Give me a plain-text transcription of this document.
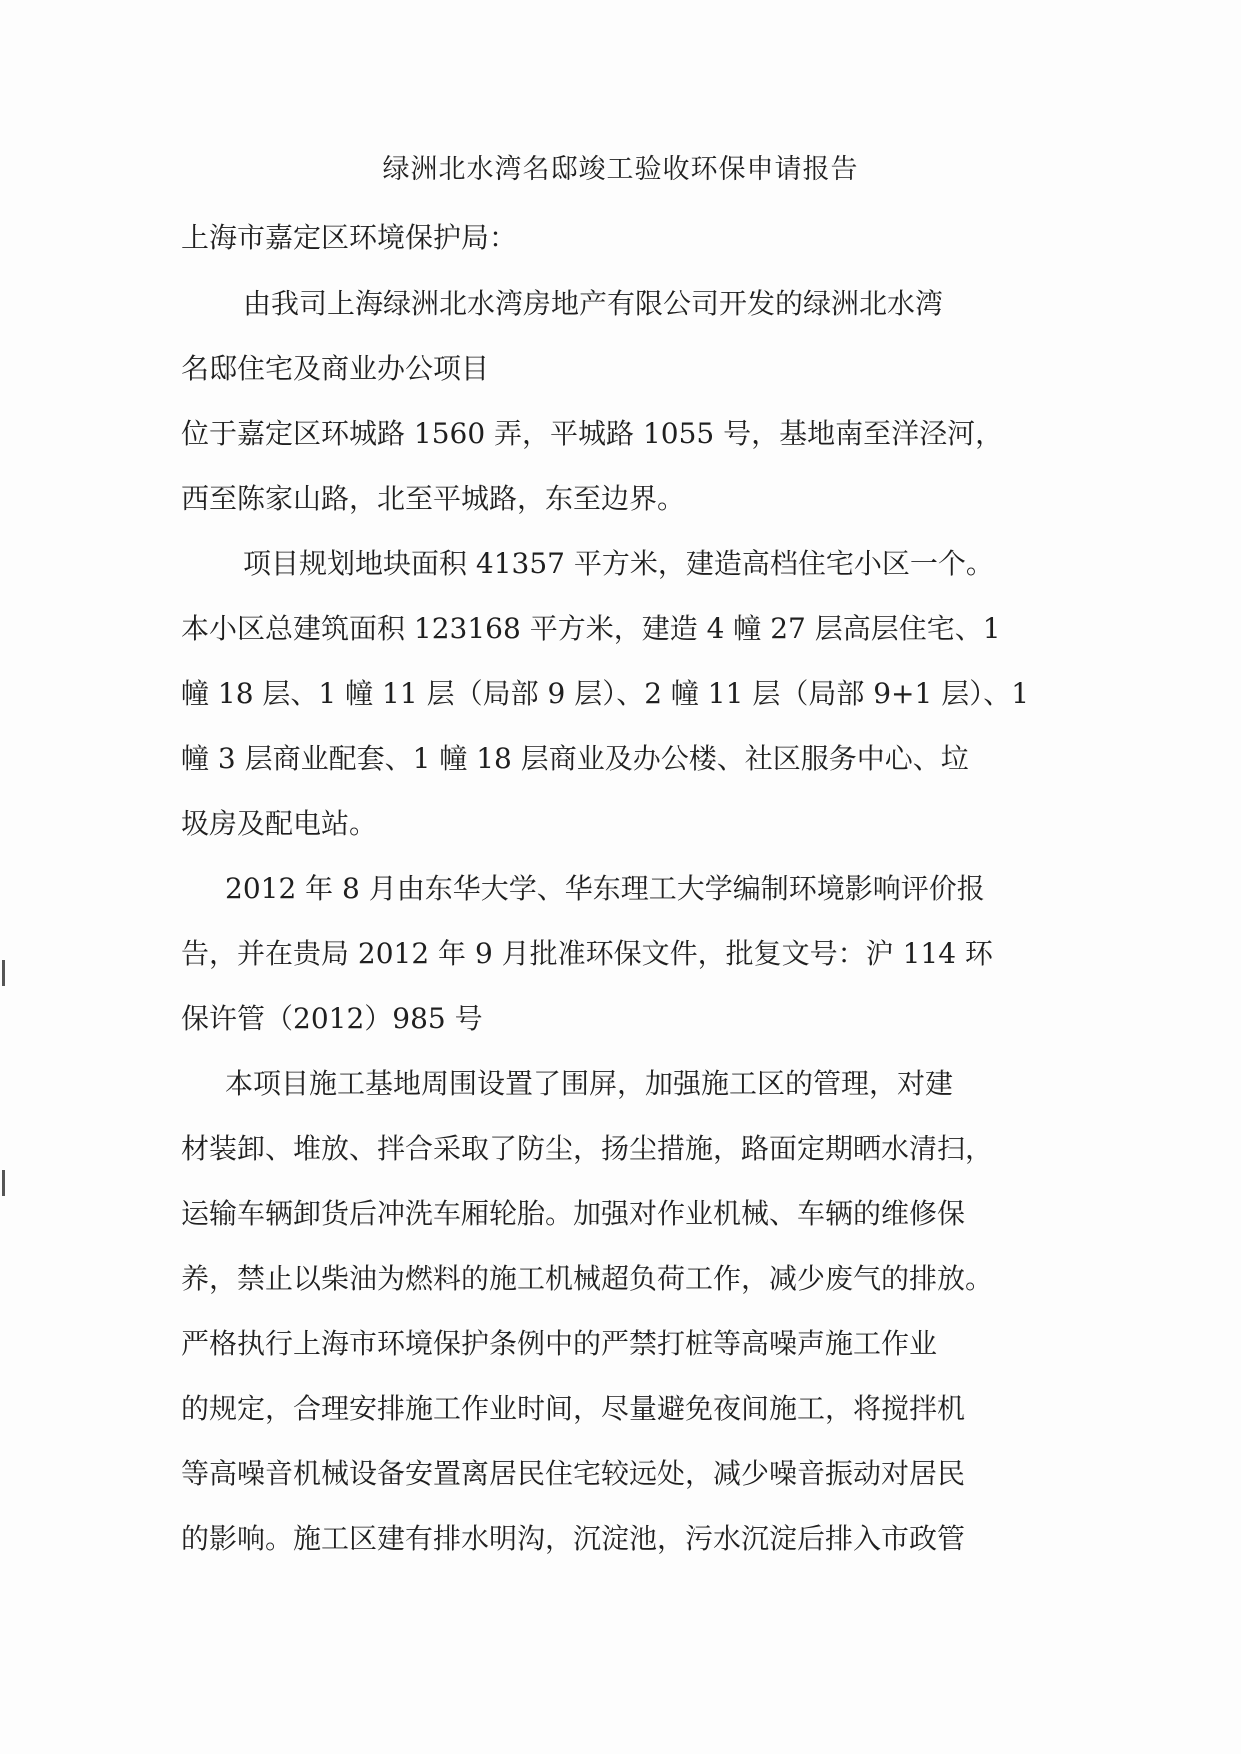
绿洲北水湾名邸竣工验收环保申请报告
上海市嘉定区环境保护局：
由我司上海绿洲北水湾房地产有限公司开发的绿洲北水湾
名邸住宅及商业办公项目
位于嘉定区环城路 1560 弄，平城路 1055 号，基地南至洋泾河，
西至陈家山路，北至平城路，东至边界。
项目规划地块面积 41357 平方米，建造高档住宅小区一个。
本小区总建筑面积 123168 平方米，建造 4 幢 27 层高层住宅、1
幢 18 层、1 幢 11 层（局部 9 层）、2 幢 11 层（局部 9+1 层）、1
幢 3 层商业配套、1 幢 18 层商业及办公楼、社区服务中心、垃
圾房及配电站。
2012 年 8 月由东华大学、华东理工大学编制环境影响评价报
告，并在贵局 2012 年 9 月批准环保文件，批复文号：沪 114 环
保许管（2012）985 号
本项目施工基地周围设置了围屏，加强施工区的管理，对建
材装卸、堆放、拌合采取了防尘，扬尘措施，路面定期晒水清扫，
运输车辆卸货后冲洗车厢轮胎。加强对作业机械、车辆的维修保
养，禁止以柴油为燃料的施工机械超负荷工作，减少废气的排放。
严格执行上海市环境保护条例中的严禁打桩等高噪声施工作业
的规定，合理安排施工作业时间，尽量避免夜间施工，将搅拌机
等高噪音机械设备安置离居民住宅较远处，减少噪音振动对居民
的影响。施工区建有排水明沟，沉淀池，污水沉淀后排入市政管
